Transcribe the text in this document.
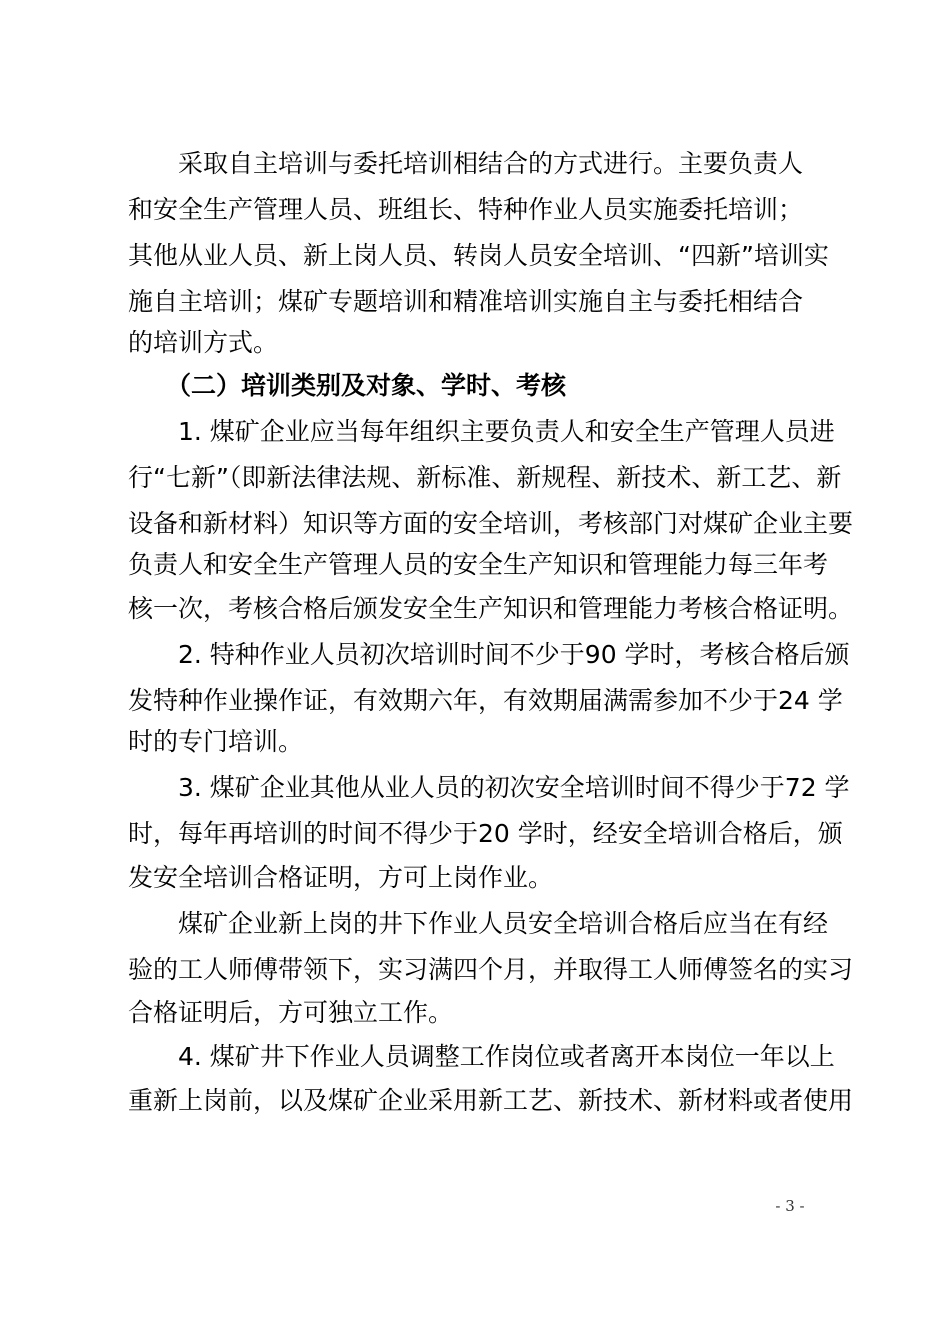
采取自主培训与委托培训相结合的方式进行。主要负责人
和安全生产管理人员、班组长、特种作业人员实施委托培训；
其他从业人员、新上岗人员、转岗人员安全培训、“四新”培训实
施自主培训；煤矿专题培训和精准培训实施自主与委托相结合
的培训方式。
（二）培训类别及对象、学时、考核
1. 煤矿企业应当每年组织主要负责人和安全生产管理人员进
行“七新”（即新法律法规、新标准、新规程、新技术、新工艺、新
设备和新材料）知识等方面的安全培训，考核部门对煤矿企业主要
负责人和安全生产管理人员的安全生产知识和管理能力每三年考
核一次，考核合格后颁发安全生产知识和管理能力考核合格证明。
2. 特种作业人员初次培训时间不少于90 学时，考核合格后颁
发特种作业操作证，有效期六年，有效期届满需参加不少于24 学
时的专门培训。
3. 煤矿企业其他从业人员的初次安全培训时间不得少于72 学
时，每年再培训的时间不得少于20 学时，经安全培训合格后，颁
发安全培训合格证明，方可上岗作业。
煤矿企业新上岗的井下作业人员安全培训合格后应当在有经
验的工人师傅带领下，实习满四个月，并取得工人师傅签名的实习
合格证明后，方可独立工作。
4. 煤矿井下作业人员调整工作岗位或者离开本岗位一年以上
重新上岗前，以及煤矿企业采用新工艺、新技术、新材料或者使用
- 3 -
